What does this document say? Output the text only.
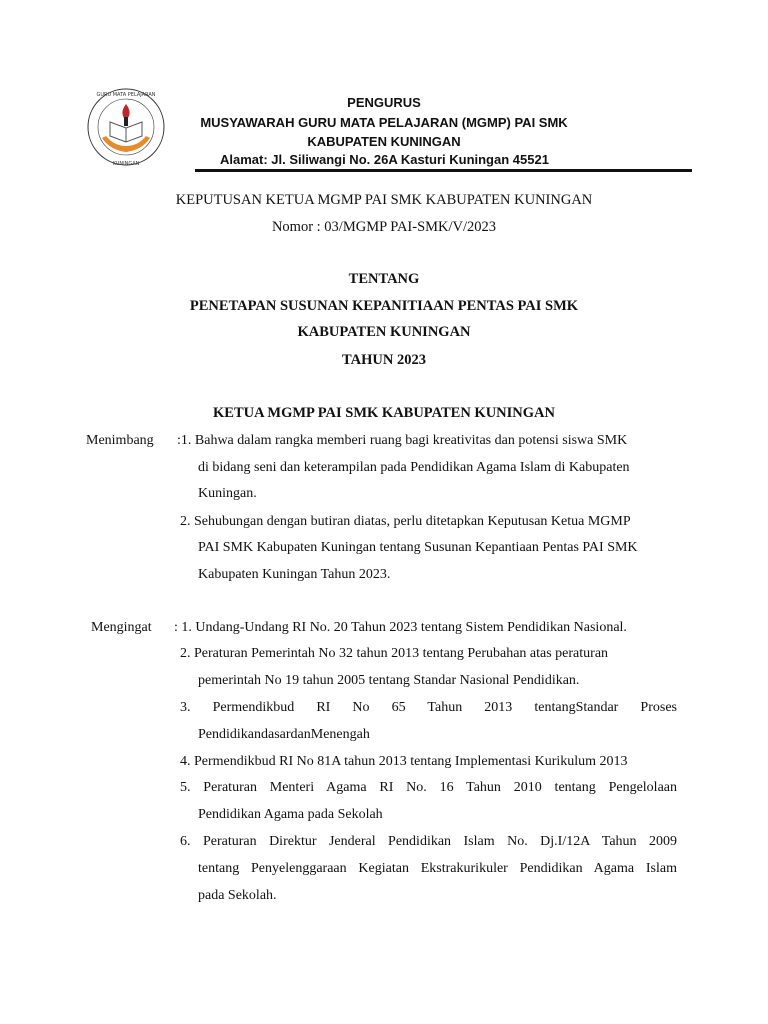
GURU MATA PELAJARAN
KUNINGAN
PENGURUS
MUSYAWARAH GURU MATA PELAJARAN (MGMP) PAI SMK
KABUPATEN KUNINGAN
Alamat: Jl. Siliwangi No. 26A Kasturi Kuningan 45521
KEPUTUSAN KETUA MGMP PAI SMK KABUPATEN KUNINGAN
Nomor : 03/MGMP PAI-SMK/V/2023
TENTANG
PENETAPAN SUSUNAN KEPANITIAAN PENTAS PAI SMK
KABUPATEN KUNINGAN
TAHUN 2023
KETUA MGMP PAI SMK KABUPATEN KUNINGAN
Menimbang :1. Bahwa dalam rangka memberi ruang bagi kreativitas dan potensi siswa SMK
di bidang seni dan keterampilan pada Pendidikan Agama Islam di Kabupaten
Kuningan.
2. Sehubungan dengan butiran diatas, perlu ditetapkan Keputusan Ketua MGMP
PAI SMK Kabupaten Kuningan tentang Susunan Kepantiaan Pentas PAI SMK
Kabupaten Kuningan Tahun 2023.
Mengingat : 1. Undang-Undang RI No. 20 Tahun 2023 tentang Sistem Pendidikan Nasional.
2. Peraturan Pemerintah No 32 tahun 2013 tentang Perubahan atas peraturan
pemerintah No 19 tahun 2005 tentang Standar Nasional Pendidikan.
3. Permendikbud RI No 65 Tahun 2013 tentangStandar Proses
PendidikandasardanMenengah
4. Permendikbud RI No 81A tahun 2013 tentang Implementasi Kurikulum 2013
5. Peraturan Menteri Agama RI No. 16 Tahun 2010 tentang Pengelolaan
Pendidikan Agama pada Sekolah
6. Peraturan Direktur Jenderal Pendidikan Islam No. Dj.I/12A Tahun 2009
tentang Penyelenggaraan Kegiatan Ekstrakurikuler Pendidikan Agama Islam
pada Sekolah.
